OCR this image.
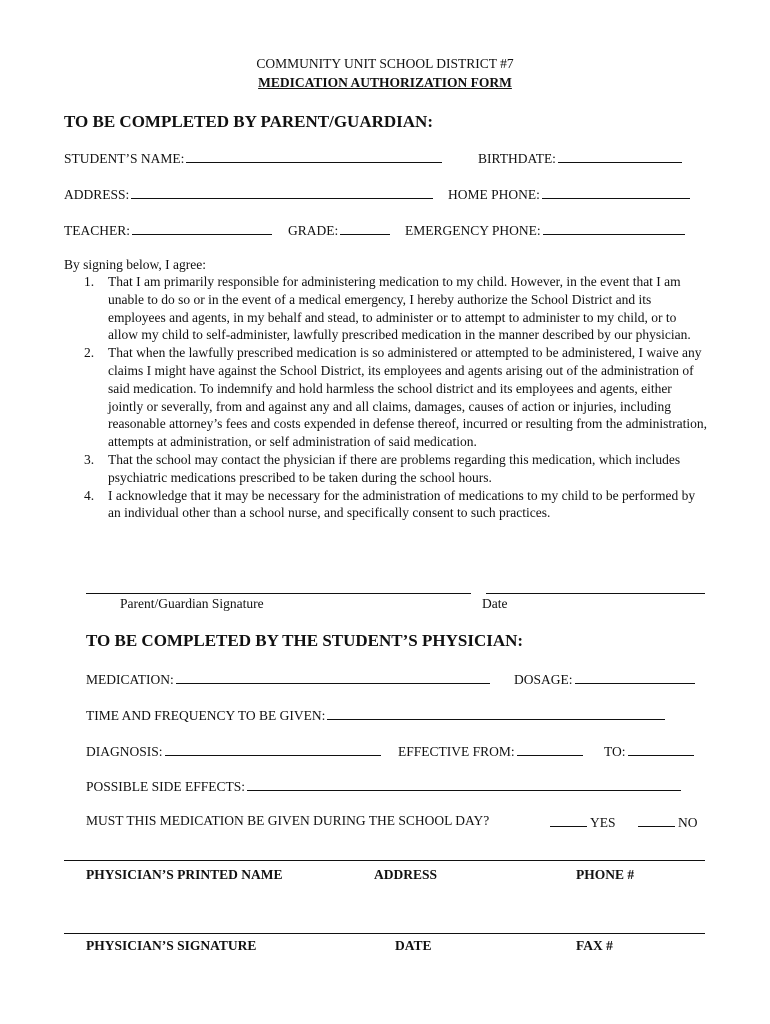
COMMUNITY UNIT SCHOOL DISTRICT #7
MEDICATION AUTHORIZATION FORM
TO BE COMPLETED BY PARENT/GUARDIAN:
STUDENT’S NAME:	BIRTHDATE:
ADDRESS:	HOME PHONE:
TEACHER:	GRADE:	EMERGENCY PHONE:
By signing below, I agree:
1. That I am primarily responsible for administering medication to my child. However, in the event that I am unable to do so or in the event of a medical emergency, I hereby authorize the School District and its employees and agents, in my behalf and stead, to administer or to attempt to administer to my child, or to allow my child to self-administer, lawfully prescribed medication in the manner described by our physician.
2. That when the lawfully prescribed medication is so administered or attempted to be administered, I waive any claims I might have against the School District, its employees and agents arising out of the administration of said medication. To indemnify and hold harmless the school district and its employees and agents, either jointly or severally, from and against any and all claims, damages, causes of action or injuries, including reasonable attorney’s fees and costs expended in defense thereof, incurred or resulting from the administration, attempts at administration, or self administration of said medication.
3. That the school may contact the physician if there are problems regarding this medication, which includes psychiatric medications prescribed to be taken during the school hours.
4. I acknowledge that it may be necessary for the administration of medications to my child to be performed by an individual other than a school nurse, and specifically consent to such practices.
Parent/Guardian Signature	Date
TO BE COMPLETED BY THE STUDENT’S PHYSICIAN:
MEDICATION:	DOSAGE:
TIME AND FREQUENCY TO BE GIVEN:
DIAGNOSIS:	EFFECTIVE FROM:	TO:
POSSIBLE SIDE EFFECTS:
MUST THIS MEDICATION BE GIVEN DURING THE SCHOOL DAY?	YES	NO
PHYSICIAN’S PRINTED NAME	ADDRESS	PHONE #
PHYSICIAN’S SIGNATURE	DATE	FAX #
